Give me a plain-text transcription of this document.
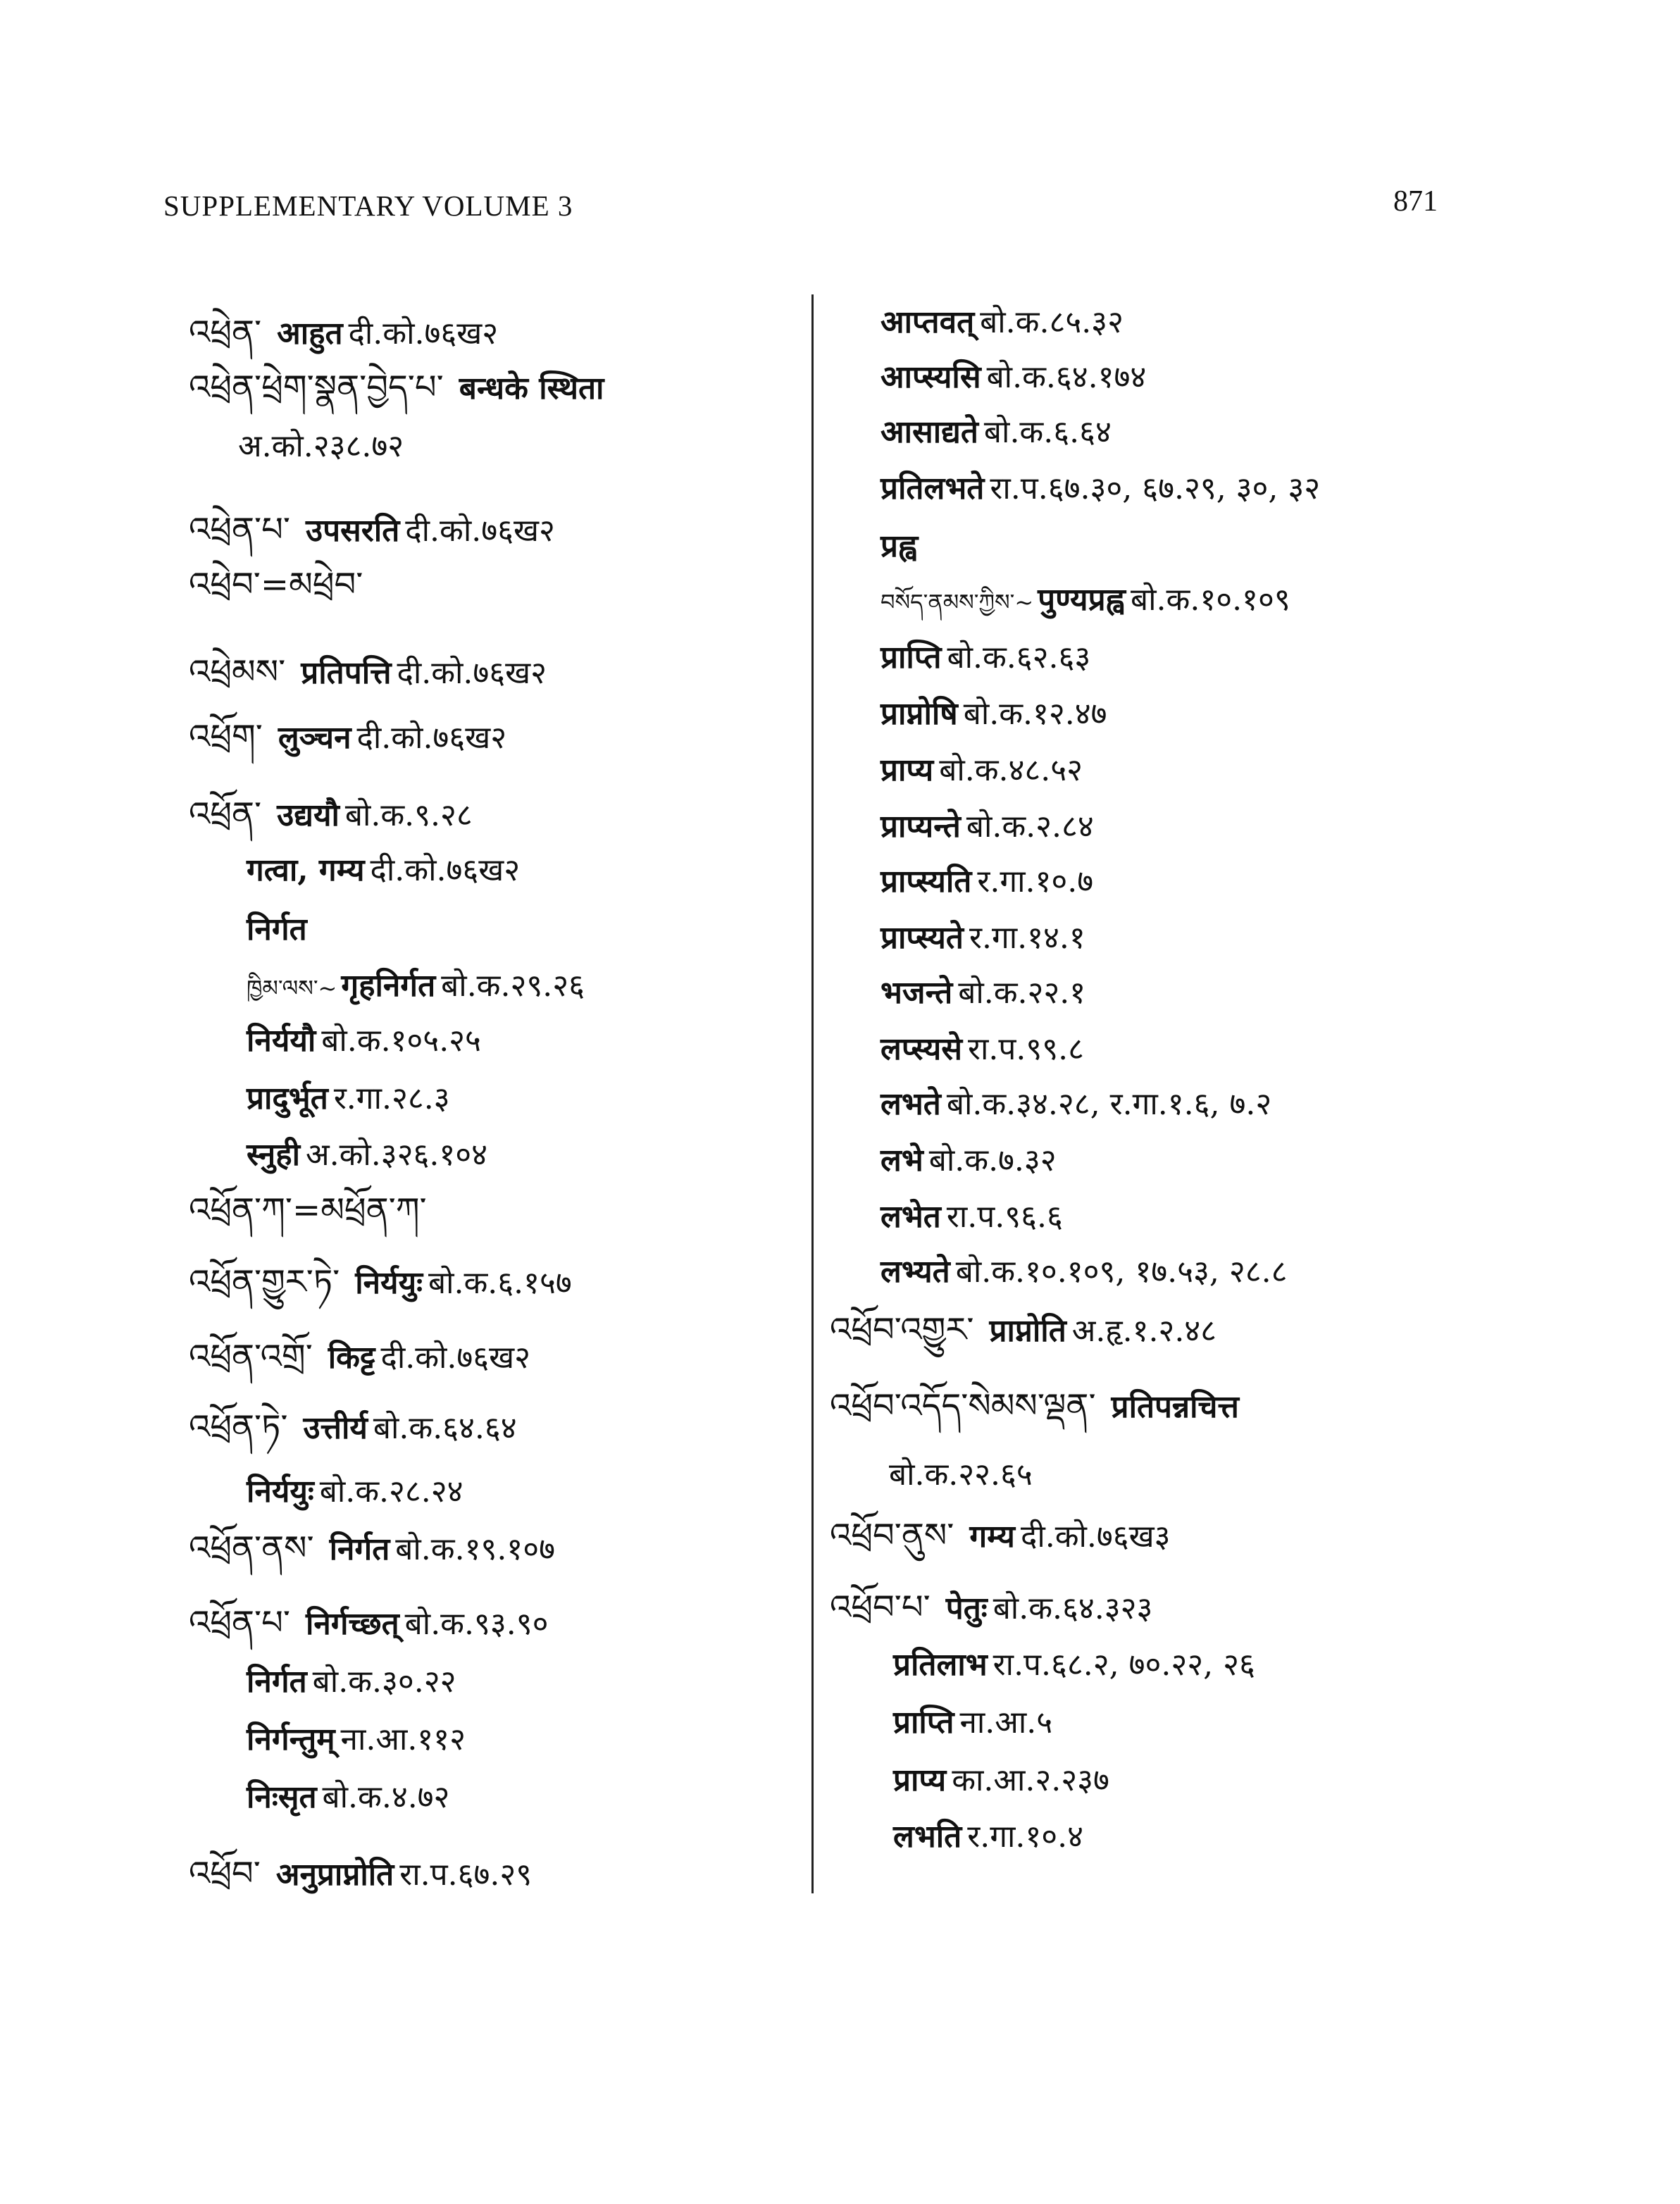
SUPPLEMENTARY VOLUME 3	871
འཕྲེན་ आहुत दी.को.७६ख२
འཕྲེན་ཕྲེག་སྣན་བྱེད་པ་ बन्धके स्थिता
अ.को.२३८.७२
འཕྲེན་པ་ उपसरति दी.को.७६ख२
འཕྲེབ་=མཕྲེབ་
འཕྲེམས་ प्रतिपत्ति दी.को.७६ख२
འཕྲོག་ लुञ्चन दी.को.७६ख२
འཕྲོན་ उद्ययौ बो.क.९.२८
गत्वा, गम्य दी.को.७६ख२
निर्गत
ཁྱིམ་ལས་~ गृहनिर्गत बो.क.२९.२६
निर्ययौ बो.क.१०५.२५
प्रादुर्भूत र.गा.२८.३
स्नुही अ.को.३२६.१०४
འཕྲོན་ཀ་=མཕྲོན་ཀ་
འཕྲོན་གྱུར་ཏེ་ निर्ययुः बो.क.६.१५७
འཕྲོན་འགྲོ་ किट्ट दी.को.७६ख२
འཕྲོན་ཏེ་ उत्तीर्य बो.क.६४.६४
निर्ययुः बो.क.२८.२४
འཕྲོན་ནས་ निर्गत बो.क.१९.१०७
འཕྲོན་པ་ निर्गच्छत् बो.क.९३.९०
निर्गत बो.क.३०.२२
निर्गन्तुम् ना.आ.११२
निःसृत बो.क.४.७२
འཕྲོབ་ अनुप्राप्नोति रा.प.६७.२९
आप्तवत् बो.क.८५.३२
आप्स्यसि बो.क.६४.१७४
आसाद्यते बो.क.६.६४
प्रतिलभते रा.प.६७.३०, ६७.२९, ३०, ३२
प्रह्व
བསོད་ནམས་ཀྱིས་~ पुण्यप्रह्व बो.क.१०.१०९
प्राप्ति बो.क.६२.६३
प्राप्नोषि बो.क.१२.४७
प्राप्य बो.क.४८.५२
प्राप्यन्ते बो.क.२.८४
प्राप्स्यति र.गा.१०.७
प्राप्स्यते र.गा.१४.१
भजन्ते बो.क.२२.१
लप्स्यसे रा.प.९९.८
लभते बो.क.३४.२८, र.गा.१.६, ७.२
लभे बो.क.७.३२
लभेत रा.प.९६.६
लभ्यते बो.क.१०.१०९, १७.५३, २८.८
འཕྲོབ་འགྱུར་ प्राप्नोति अ.हृ.१.२.४८
འཕྲོབ་འདོད་སེམས་ལྡན་ प्रतिपन्नचित्त
बो.क.२२.६५
འཕྲོབ་ནུས་ गम्य दी.को.७६ख३
འཕྲོབ་པ་ पेतुः बो.क.६४.३२३
प्रतिलाभ रा.प.६८.२, ७०.२२, २६
प्राप्ति ना.आ.५
प्राप्य का.आ.२.२३७
लभति र.गा.१०.४
